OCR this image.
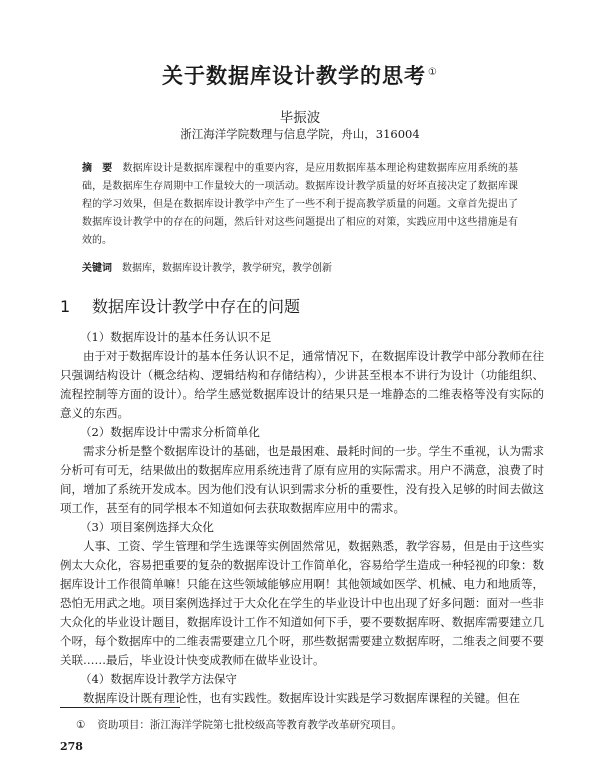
关于数据库设计教学的思考 ①
毕振波
浙江海洋学院数理与信息学院，舟山，316004
摘　要 数据库设计是数据库课程中的重要内容，是应用数据库基本理论构建数据库应用系统的基础，是数据库生存周期中工作量较大的一项活动。数据库设计教学质量的好坏直接决定了数据库课程的学习效果，但是在数据库设计教学中产生了一些不利于提高教学质量的问题。文章首先提出了数据库设计教学中的存在的问题，然后针对这些问题提出了相应的对策，实践应用中这些措施是有效的。
关键词 数据库，数据库设计教学，教学研究，教学创新
1 数据库设计教学中存在的问题
（1）数据库设计的基本任务认识不足

由于对于数据库设计的基本任务认识不足，通常情况下，在数据库设计教学中部分教师在往只强调结构设计（概念结构、逻辑结构和存储结构），少讲甚至根本不讲行为设计（功能组织、流程控制等方面的设计）。给学生感觉数据库设计的结果只是一堆静态的二维表格等没有实际的意义的东西。

（2）数据库设计中需求分析简单化

需求分析是整个数据库设计的基础，也是最困难、最耗时间的一步。学生不重视，认为需求分析可有可无，结果做出的数据库应用系统违背了原有应用的实际需求。用户不满意，浪费了时间，增加了系统开发成本。因为他们没有认识到需求分析的重要性，没有投入足够的时间去做这项工作，甚至有的同学根本不知道如何去获取数据库应用中的需求。

（3）项目案例选择大众化

人事、工资、学生管理和学生选课等实例固然常见，数据熟悉，教学容易，但是由于这些实例太大众化，容易把重要的复杂的数据库设计工作简单化，容易给学生造成一种轻视的印象：数据库设计工作很简单嘛！只能在这些领域能够应用啊！其他领域如医学、机械、电力和地质等，恐怕无用武之地。项目案例选择过于大众化在学生的毕业设计中也出现了好多问题：面对一些非大众化的毕业设计题目，数据库设计工作不知道如何下手，要不要数据库呀、数据库需要建立几个呀，每个数据库中的二维表需要建立几个呀，那些数据需要建立数据库呀，二维表之间要不要关联……最后，毕业设计快变成教师在做毕业设计。

（4）数据库设计教学方法保守

数据库设计既有理论性，也有实践性。数据库设计实践是学习数据库课程的关键。但在

① 资助项目：浙江海洋学院第七批校级高等教育教学改革研究项目。
278
